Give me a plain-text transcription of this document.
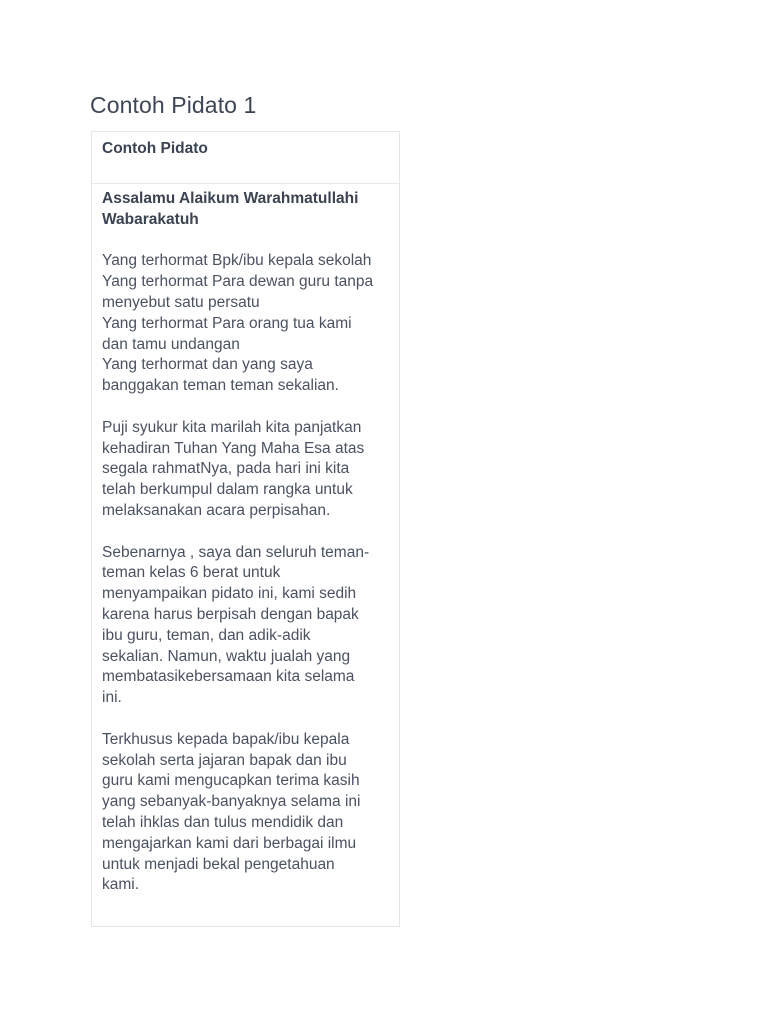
Contoh Pidato 1

Contoh Pidato

Assalamu Alaikum Warahmatullahi
Wabarakatuh

Yang terhormat Bpk/ibu kepala sekolah
Yang terhormat Para dewan guru tanpa
menyebut satu persatu
Yang terhormat Para orang tua kami
dan tamu undangan
Yang terhormat dan yang saya
banggakan teman teman sekalian.

Puji syukur kita marilah kita panjatkan
kehadiran Tuhan Yang Maha Esa atas
segala rahmatNya, pada hari ini kita
telah berkumpul dalam rangka untuk
melaksanakan acara perpisahan.

Sebenarnya , saya dan seluruh teman-
teman kelas 6 berat untuk
menyampaikan pidato ini, kami sedih
karena harus berpisah dengan bapak
ibu guru, teman, dan adik-adik
sekalian. Namun, waktu jualah yang
membatasikebersamaan kita selama
ini.

Terkhusus kepada bapak/ibu kepala
sekolah serta jajaran bapak dan ibu
guru kami mengucapkan terima kasih
yang sebanyak-banyaknya selama ini
telah ihklas dan tulus mendidik dan
mengajarkan kami dari berbagai ilmu
untuk menjadi bekal pengetahuan
kami.
